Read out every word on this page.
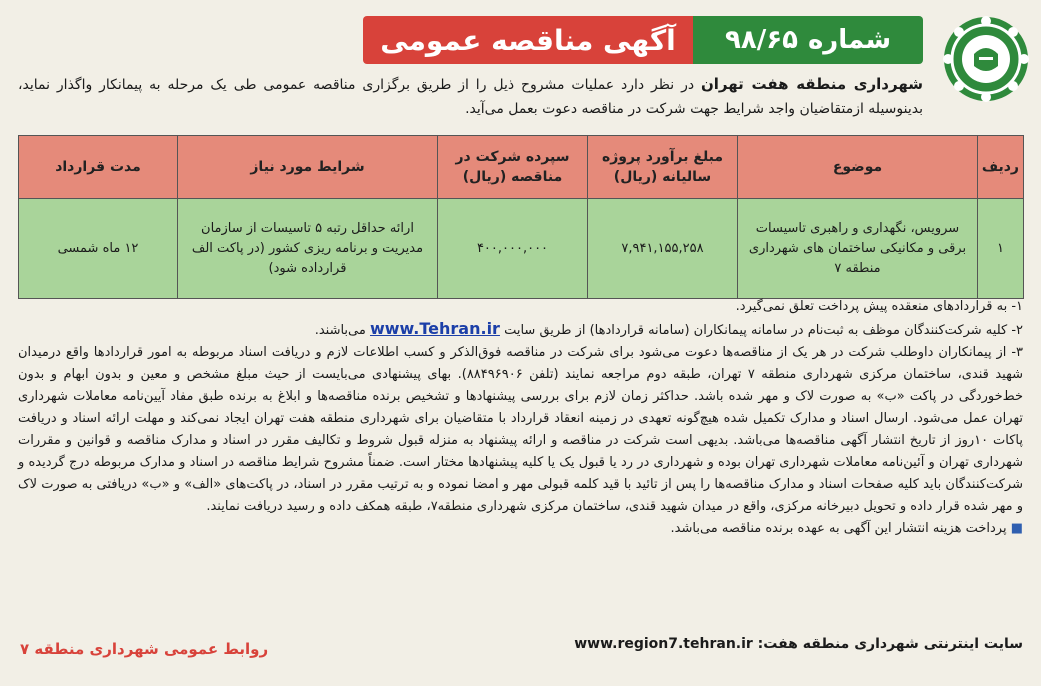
شماره
۹۸/۶۵
آگهی مناقصه عمومی
شهرداری منطقه هفت تهران در نظر دارد عملیات مشروح ذیل را از طریق برگزاری مناقصه عمومی طی یک مرحله به پیمانکار واگذار نماید، بدینوسیله ازمتقاضیان واجد شرایط جهت شرکت در مناقصه دعوت بعمل می‌آید.
ردیف	موضوع	مبلغ برآورد پروژه سالیانه (ریال)	سپرده شرکت در مناقصه (ریال)	شرایط مورد نیاز	مدت قرارداد
۱	سرویس، نگهداری و راهبری تاسیسات برقی و مکانیکی ساختمان های شهرداری منطقه ۷	۷,۹۴۱,۱۵۵,۲۵۸	۴۰۰,۰۰۰,۰۰۰	ارائه حداقل رتبه ۵ تاسیسات از سازمان مدیریت و برنامه ریزی کشور (در پاکت الف قرارداده شود)	۱۲ ماه شمسی

۱- به قراردادهای منعقده پیش پرداخت تعلق نمی‌گیرد.

۲- کلیه شرکت‌کنندگان موظف به ثبت‌نام در سامانه پیمانکاران (سامانه قراردادها) از طریق سایت www.Tehran.ir می‌باشند.

۳- از پیمانکاران داوطلب شرکت در هر یک از مناقصه‌ها دعوت می‌شود برای شرکت در مناقصه فوق‌الذکر و کسب اطلاعات لازم و دریافت اسناد مربوطه به امور قراردادها واقع درمیدان شهید قندی، ساختمان مرکزی شهرداری منطقه ۷ تهران، طبقه دوم مراجعه نمایند (تلفن ۸۸۴۹۶۹۰۶). بهای پیشنهادی می‌بایست از حیث مبلغ مشخص و معین و بدون ابهام و بدون خط‌خوردگی در پاکت «ب» به صورت لاک و مهر شده باشد. حداکثر زمان لازم برای بررسی پیشنهادها و تشخیص برنده مناقصه‌ها و ابلاغ به برنده طبق مفاد آیین‌نامه معاملات شهرداری تهران عمل می‌شود. ارسال اسناد و مدارک تکمیل شده هیچ‌گونه تعهدی در زمینه انعقاد قرارداد با متقاضیان برای شهرداری منطقه هفت تهران ایجاد نمی‌کند و مهلت ارائه اسناد و دریافت پاکات ۱۰روز از تاریخ انتشار آگهی مناقصه‌ها می‌باشد. بدیهی است شرکت در مناقصه و ارائه پیشنهاد به منزله قبول شروط و تکالیف مقرر در اسناد و مدارک مناقصه و قوانین و مقررات شهرداری تهران و آئین‌نامه معاملات شهرداری تهران بوده و شهرداری در رد یا قبول یک یا کلیه پیشنهادها مختار است. ضمناً مشروح شرایط مناقصه در اسناد و مدارک مربوطه درج گردیده و شرکت‌کنندگان باید کلیه صفحات اسناد و مدارک مناقصه‌ها را پس از تائید با قید کلمه قبولی مهر و امضا نموده و به ترتیب مقرر در اسناد، در پاکت‌های «الف» و «ب» دریافتی به صورت لاک و مهر شده قرار داده و تحویل دبیرخانه مرکزی، واقع در میدان شهید قندی، ساختمان مرکزی شهرداری منطقه۷، طبقه همکف داده و رسید دریافت نمایند.

■ پرداخت هزینه انتشار این آگهی به عهده برنده مناقصه می‌باشد.

سایت اینترنتی شهرداری منطقه هفت: www.region7.tehran.ir
روابط عمومی شهرداری منطقه ۷
